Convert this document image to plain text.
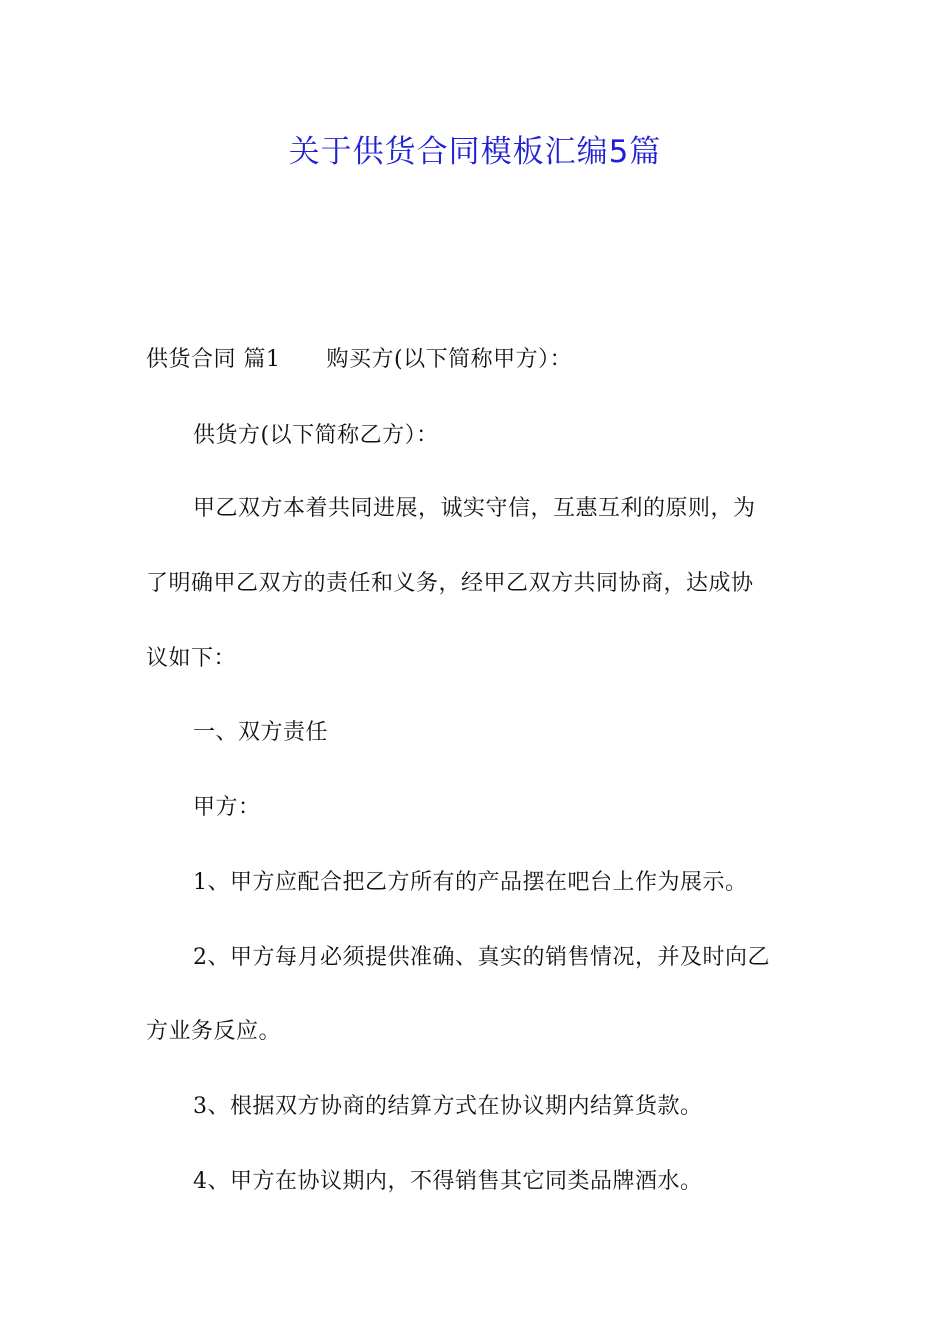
关于供货合同模板汇编5篇
供货合同 篇1 购买方(以下简称甲方）：
供货方(以下简称乙方）：
甲乙双方本着共同进展，诚实守信，互惠互利的原则，为
了明确甲乙双方的责任和义务，经甲乙双方共同协商，达成协
议如下：
一、双方责任
甲方：
1、甲方应配合把乙方所有的产品摆在吧台上作为展示。
2、甲方每月必须提供准确、真实的销售情况，并及时向乙
方业务反应。
3、根据双方协商的结算方式在协议期内结算货款。
4、甲方在协议期内，不得销售其它同类品牌酒水。
